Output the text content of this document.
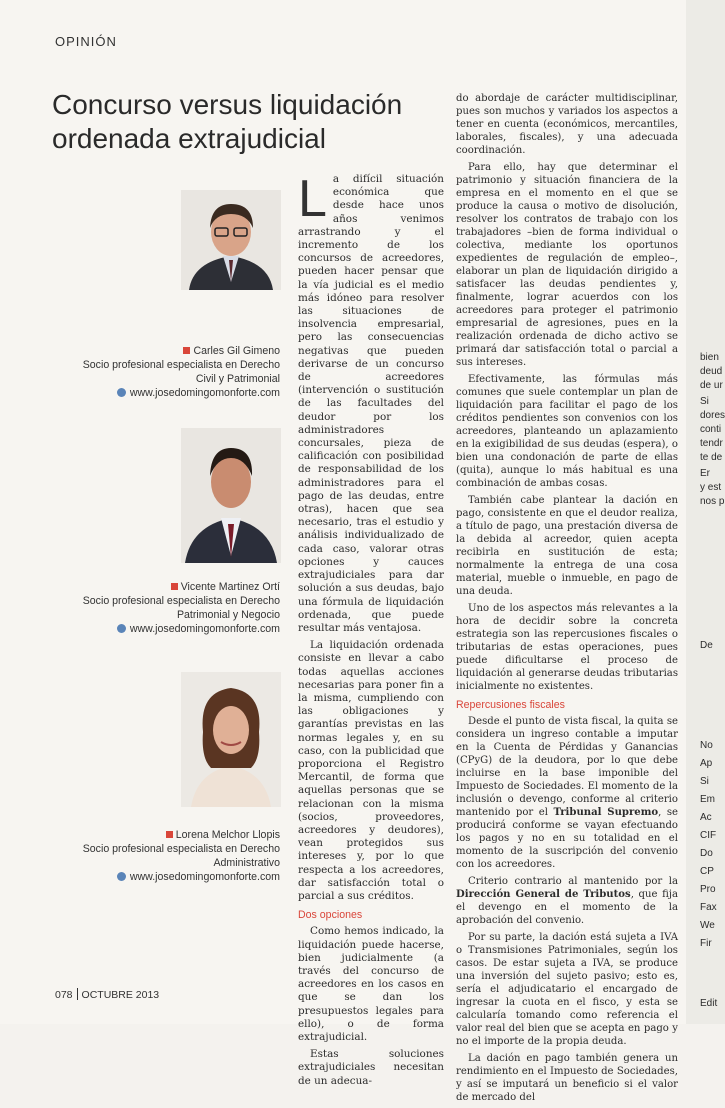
OPINIÓN
Concurso versus liquidación ordenada extrajudicial
Carles Gil Gimeno
Socio profesional especialista en Derecho
Civil y Patrimonial
www.josedomingomonforte.com
Vicente Martinez Ortí
Socio profesional especialista en Derecho
Patrimonial y Negocio
www.josedomingomonforte.com
Lorena Melchor Llopis
Socio profesional especialista en Derecho
Administrativo
www.josedomingomonforte.com

La difícil situación económica que desde hace unos años venimos arrastrando y el incremento de los concursos de acreedores, pueden hacer pensar que la vía judicial es el medio más idóneo para resolver las situaciones de insolvencia empresarial, pero las consecuencias negativas que pueden derivarse de un concurso de acreedores (intervención o sustitución de las facultades del deudor por los administradores concursales, pieza de calificación con posibilidad de responsabilidad de los administradores para el pago de las deudas, entre otras), hacen que sea necesario, tras el estudio y análisis individualizado de cada caso, valorar otras opciones y cauces extrajudiciales para dar solución a sus deudas, bajo una fórmula de liquidación ordenada, que puede resultar más ventajosa.

La liquidación ordenada consiste en llevar a cabo todas aquellas acciones necesarias para poner fin a la misma, cumpliendo con las obligaciones y garantías previstas en las normas legales y, en su caso, con la publicidad que proporciona el Registro Mercantil, de forma que aquellas personas que se relacionan con la misma (socios, proveedores, acreedores y deudores), vean protegidos sus intereses y, por lo que respecta a los acreedores, dar satisfacción total o parcial a sus créditos.

Dos opciones

Como hemos indicado, la liquidación puede hacerse, bien judicialmente (a través del concurso de acreedores en los casos en que se dan los presupuestos legales para ello), o de forma extrajudicial.

Estas soluciones extrajudiciales necesitan de un adecua-

do abordaje de carácter multidisciplinar, pues son muchos y variados los aspectos a tener en cuenta (económicos, mercantiles, laborales, fiscales), y una adecuada coordinación.

Para ello, hay que determinar el patrimonio y situación financiera de la empresa en el momento en el que se produce la causa o motivo de disolución, resolver los contratos de trabajo con los trabajadores –bien de forma individual o colectiva, mediante los oportunos expedientes de regulación de empleo–, elaborar un plan de liquidación dirigido a satisfacer las deudas pendientes y, finalmente, lograr acuerdos con los acreedores para proteger el patrimonio empresarial de agresiones, pues en la realización ordenada de dicho activo se primará dar satisfacción total o parcial a sus intereses.

Efectivamente, las fórmulas más comunes que suele contemplar un plan de liquidación para facilitar el pago de los créditos pendientes son convenios con los acreedores, planteando un aplazamiento en la exigibilidad de sus deudas (espera), o bien una condonación de parte de ellas (quita), aunque lo más habitual es una combinación de ambas cosas.

También cabe plantear la dación en pago, consistente en que el deudor realiza, a título de pago, una prestación diversa de la debida al acreedor, quien acepta recibirla en sustitución de esta; normalmente la entrega de una cosa material, mueble o inmueble, en pago de una deuda.

Uno de los aspectos más relevantes a la hora de decidir sobre la concreta estrategia son las repercusiones fiscales o tributarias de estas operaciones, pues puede dificultarse el proceso de liquidación al generarse deudas tributarias inicialmente no existentes.

Repercusiones fiscales

Desde el punto de vista fiscal, la quita se considera un ingreso contable a imputar en la Cuenta de Pérdidas y Ganancias (CPyG) de la deudora, por lo que debe incluirse en la base imponible del Impuesto de Sociedades. El momento de la inclusión o devengo, conforme al criterio mantenido por el Tribunal Supremo, se producirá conforme se vayan efectuando los pagos y no en su totalidad en el momento de la suscripción del convenio con los acreedores.

Criterio contrario al mantenido por la Dirección General de Tributos, que fija el devengo en el momento de la aprobación del convenio.

Por su parte, la dación está sujeta a IVA o Transmisiones Patrimoniales, según los casos. De estar sujeta a IVA, se produce una inversión del sujeto pasivo; esto es, sería el adjudicatario el encargado de ingresar la cuota en el fisco, y esta se calcularía tomando como referencia el valor real del bien que se acepta en pago y no el importe de la propia deuda.

La dación en pago también genera un rendimiento en el Impuesto de Sociedades, y así se imputará un beneficio si el valor de mercado del

078 OCTUBRE 2013
bien
deud
de ur
Si
dores
conti
tendr
te de
Er
y est
nos p
De
No
Ap
Si
Em
Ac
CIF
Do
CP
Pro
Fax
We
Fir
Edit
